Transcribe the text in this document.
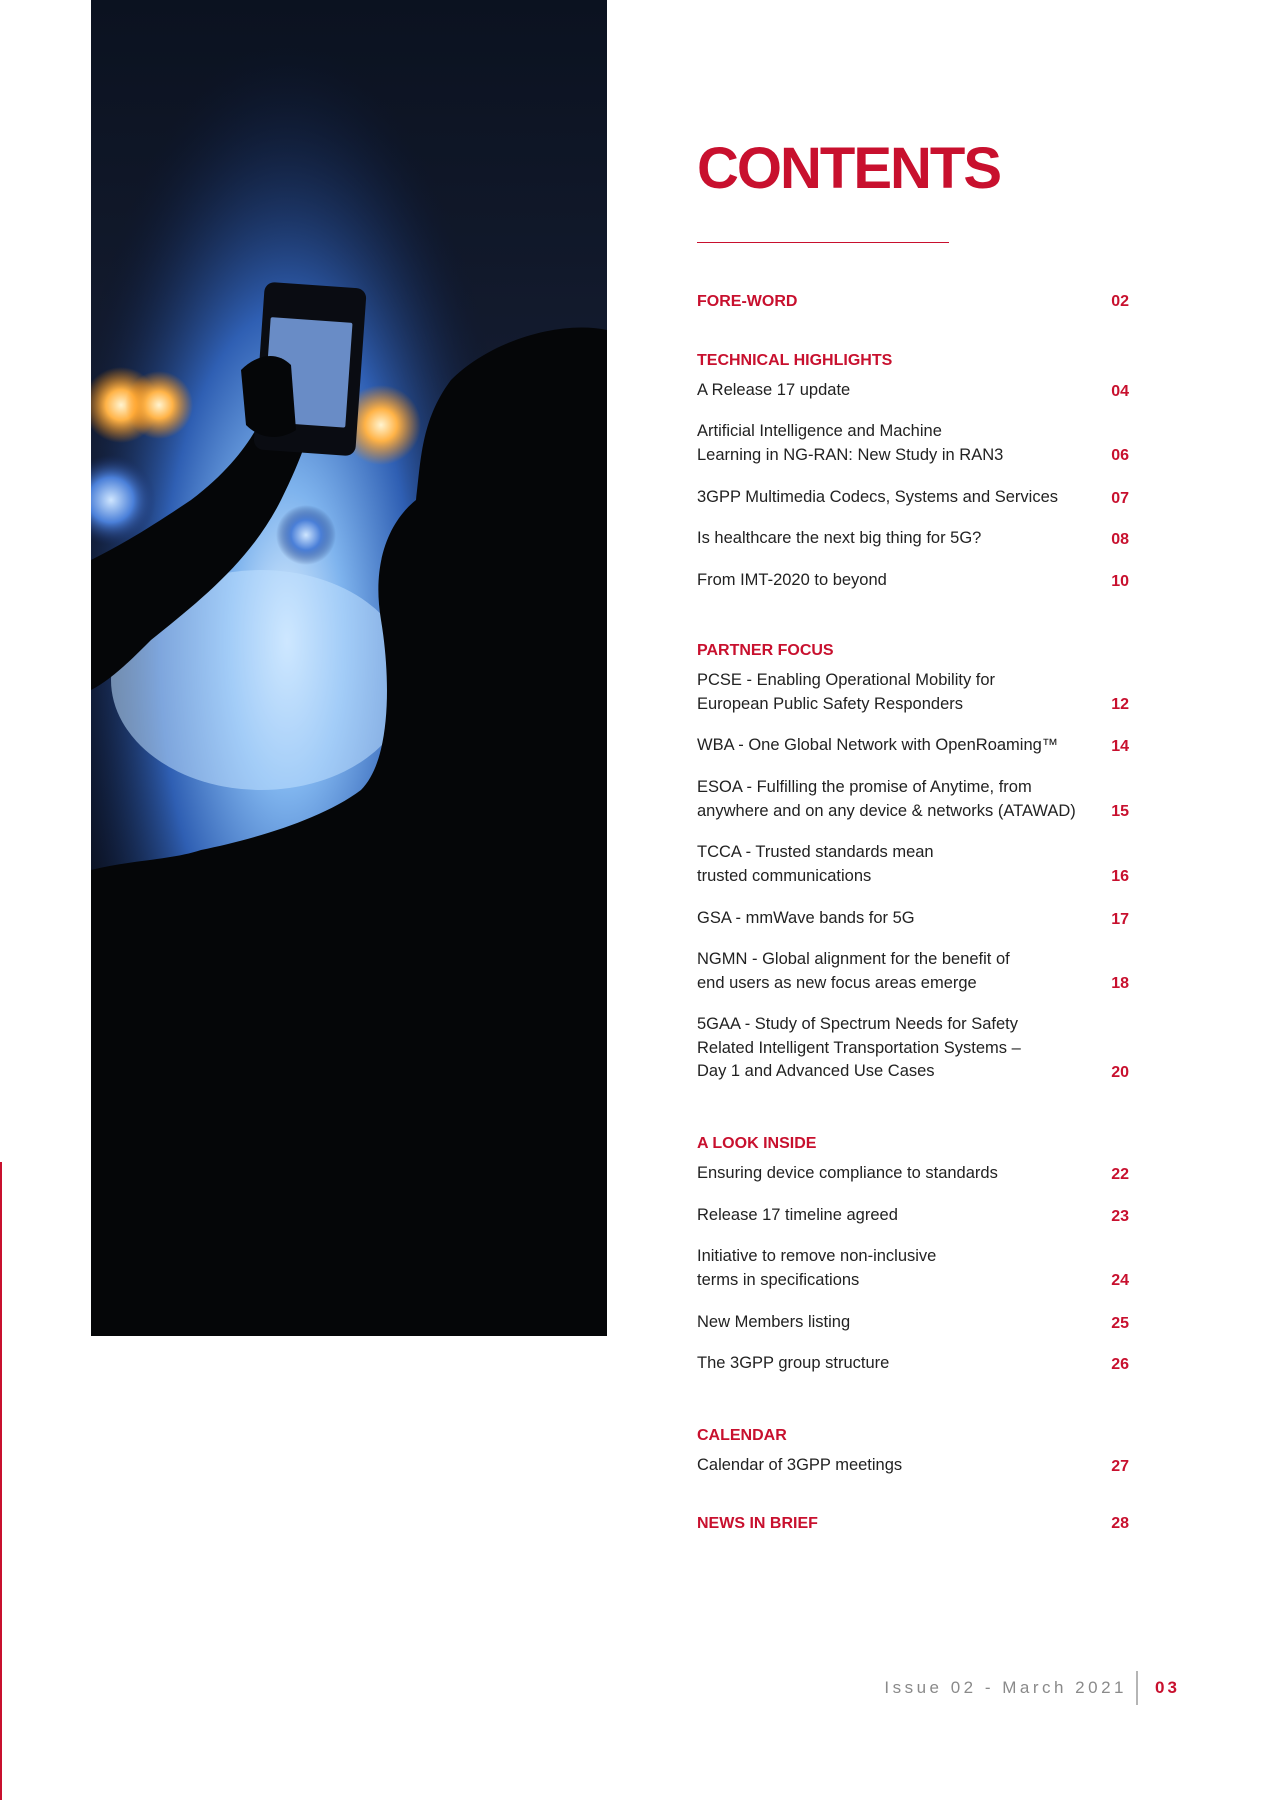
CONTENTS
FORE-WORD	02
TECHNICAL HIGHLIGHTS
A Release 17 update	04
Artificial Intelligence and Machine
Learning in NG-RAN: New Study in RAN3	06
3GPP Multimedia Codecs, Systems and Services	07
Is healthcare the next big thing for 5G?	08
From IMT-2020 to beyond	10
PARTNER FOCUS
PCSE - Enabling Operational Mobility for
European Public Safety Responders	12
WBA - One Global Network with OpenRoaming™	14
ESOA - Fulfilling the promise of Anytime, from
anywhere and on any device & networks (ATAWAD)	15
TCCA - Trusted standards mean
trusted communications	16
GSA - mmWave bands for 5G	17
NGMN - Global alignment for the benefit of
end users as new focus areas emerge	18
5GAA - Study of Spectrum Needs for Safety
Related Intelligent Transportation Systems –
Day 1 and Advanced Use Cases	20
A LOOK INSIDE
Ensuring device compliance to standards	22
Release 17 timeline agreed	23
Initiative to remove non-inclusive
terms in specifications	24
New Members listing	25
The 3GPP group structure	26
CALENDAR
Calendar of 3GPP meetings	27
NEWS IN BRIEF	28
Issue 02 - March 2021 03
